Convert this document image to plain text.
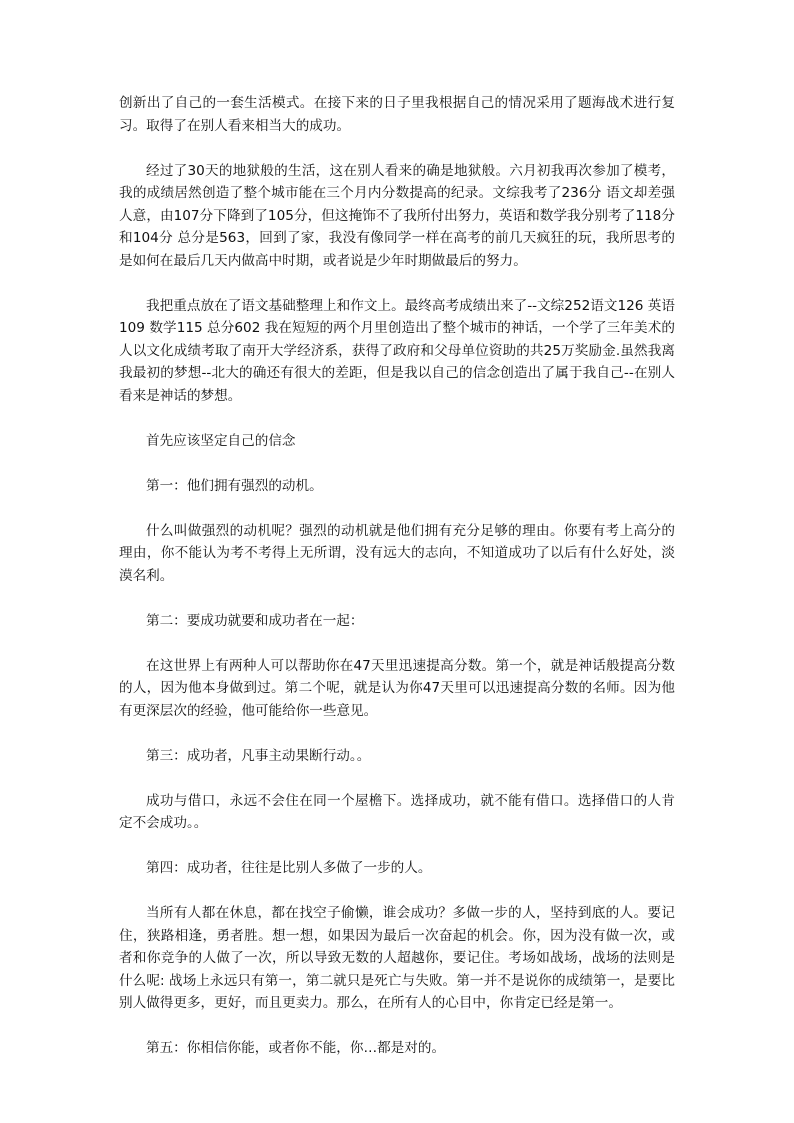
创新出了自己的一套生活模式。在接下来的日子里我根据自己的情况采用了题海战术进行复习。取得了在别人看来相当大的成功。

经过了30天的地狱般的生活，这在别人看来的确是地狱般。六月初我再次参加了模考，我的成绩居然创造了整个城市能在三个月内分数提高的纪录。文综我考了236分 语文却差强人意，由107分下降到了105分，但这掩饰不了我所付出努力，英语和数学我分别考了118分和104分 总分是563，回到了家，我没有像同学一样在高考的前几天疯狂的玩，我所思考的是如何在最后几天内做高中时期，或者说是少年时期做最后的努力。

我把重点放在了语文基础整理上和作文上。最终高考成绩出来了--文综252语文126 英语109 数学115 总分602 我在短短的两个月里创造出了整个城市的神话，一个学了三年美术的人以文化成绩考取了南开大学经济系，获得了政府和父母单位资助的共25万奖励金.虽然我离我最初的梦想--北大的确还有很大的差距，但是我以自己的信念创造出了属于我自己--在别人看来是神话的梦想。

首先应该坚定自己的信念

第一：他们拥有强烈的动机。

什么叫做强烈的动机呢？强烈的动机就是他们拥有充分足够的理由。你要有考上高分的理由，你不能认为考不考得上无所谓，没有远大的志向，不知道成功了以后有什么好处，淡漠名利。

第二：要成功就要和成功者在一起：

在这世界上有两种人可以帮助你在47天里迅速提高分数。第一个，就是神话般提高分数的人，因为他本身做到过。第二个呢，就是认为你47天里可以迅速提高分数的名师。因为他有更深层次的经验，他可能给你一些意见。

第三：成功者，凡事主动果断行动。。

成功与借口，永远不会住在同一个屋檐下。选择成功，就不能有借口。选择借口的人肯定不会成功。。

第四：成功者，往往是比别人多做了一步的人。

当所有人都在休息，都在找空子偷懒，谁会成功？多做一步的人，坚持到底的人。要记住，狭路相逢，勇者胜。想一想，如果因为最后一次奋起的机会。你，因为没有做一次，或者和你竞争的人做了一次，所以导致无数的人超越你，要记住。考场如战场，战场的法则是什么呢: 战场上永远只有第一，第二就只是死亡与失败。第一并不是说你的成绩第一，是要比别人做得更多，更好，而且更卖力。那么，在所有人的心目中，你肯定已经是第一。

第五：你相信你能，或者你不能，你…都是对的。
